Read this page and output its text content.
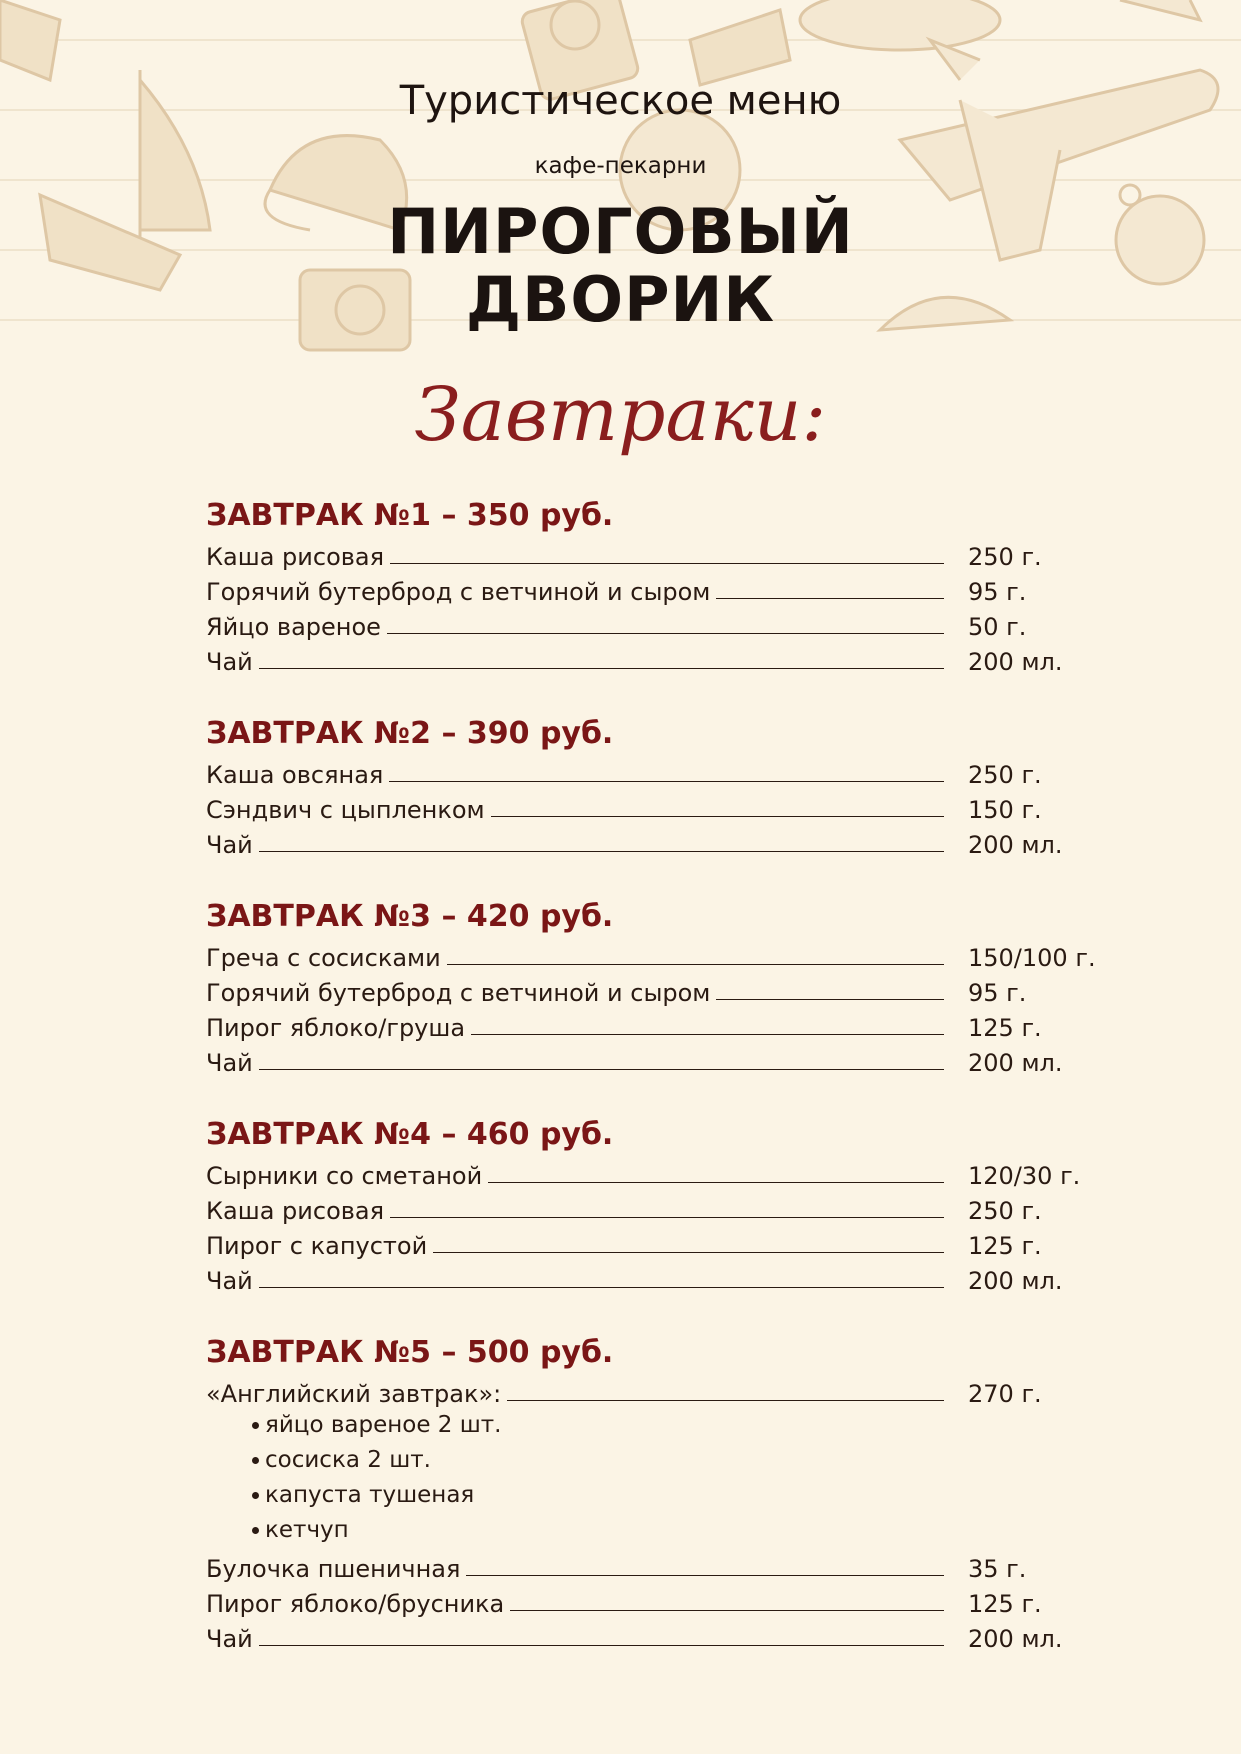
Туристическое меню
кафе-пекарни
ПИРОГОВЫЙ
ДВОРИК
Завтраки:
ЗАВТРАК №1 – 350 руб.
Каша рисовая	250 г.
Горячий бутерброд с ветчиной и сыром	95 г.
Яйцо вареное	50 г.
Чай	200 мл.
ЗАВТРАК №2 – 390 руб.
Каша овсяная	250 г.
Сэндвич с цыпленком	150 г.
Чай	200 мл.
ЗАВТРАК №3 – 420 руб.
Греча с сосисками	150/100 г.
Горячий бутерброд с ветчиной и сыром	95 г.
Пирог яблоко/груша	125 г.
Чай	200 мл.
ЗАВТРАК №4 – 460 руб.
Сырники со сметаной	120/30 г.
Каша рисовая	250 г.
Пирог с капустой	125 г.
Чай	200 мл.
ЗАВТРАК №5 – 500 руб.
«Английский завтрак»:	270 г.
яйцо вареное 2 шт.
сосиска 2 шт.
капуста тушеная
кетчуп
Булочка пшеничная	35 г.
Пирог яблоко/брусника	125 г.
Чай	200 мл.
